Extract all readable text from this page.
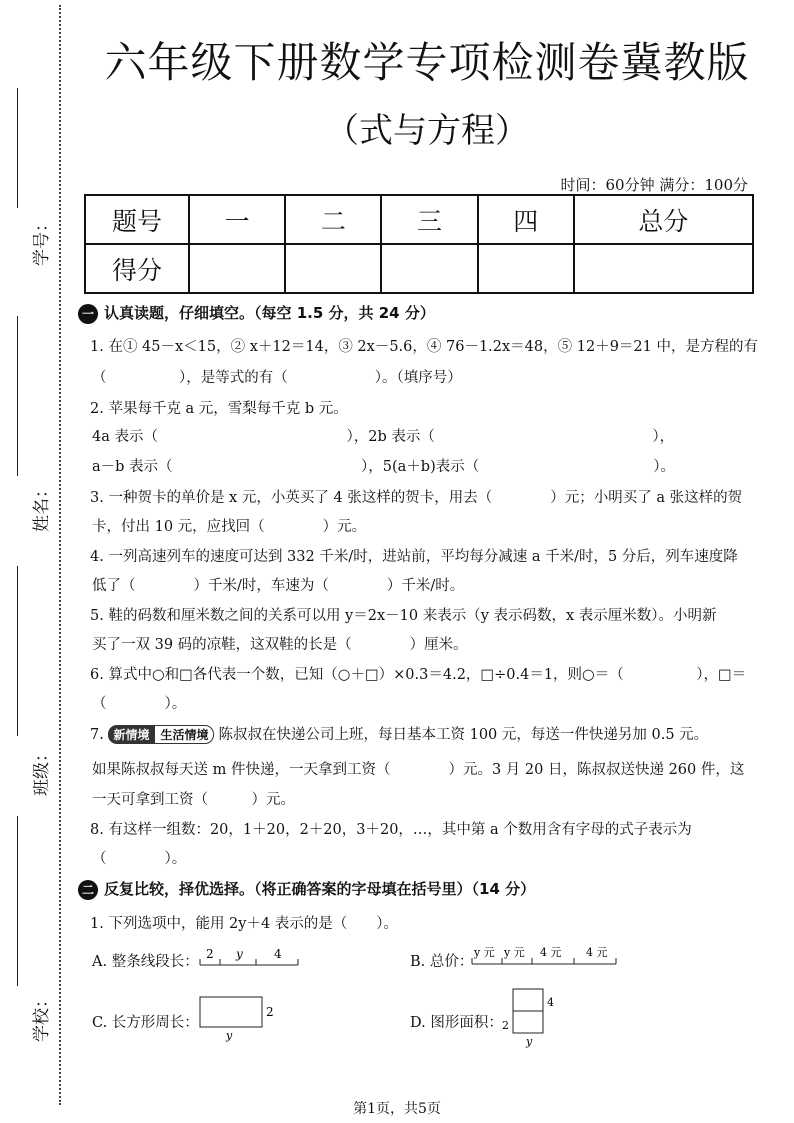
学号：
姓名：
班级：
学校：
六年级下册数学专项检测卷冀教版
（式与方程）
时间：60分钟 满分：100分
题号	一	二	三	四	总分
得分					
一 认真读题，仔细填空。（每空 1.5 分，共 24 分）
1. 在① 45－x＜15，② x＋12＝14，③ 2x－5.6，④ 76－1.2x＝48，⑤ 12＋9＝21 中，是方程的有
（　　　　　），是等式的有（　　　　　　）。（填序号）
2. 苹果每千克 a 元，雪梨每千克 b 元。
4a 表示（　　　　　　　　　　　　　），2b 表示（　　　　　　　　　　　　　　　），
a－b 表示（　　　　　　　　　　　　　），5(a＋b)表示（　　　　　　　　　　　　）。
3. 一种贺卡的单价是 x 元，小英买了 4 张这样的贺卡，用去（　　　　）元；小明买了 a 张这样的贺
卡，付出 10 元，应找回（　　　　）元。
4. 一列高速列车的速度可达到 332 千米/时，进站前，平均每分减速 a 千米/时，5 分后，列车速度降
低了（　　　　）千米/时，车速为（　　　　）千米/时。
5. 鞋的码数和厘米数之间的关系可以用 y＝2x－10 来表示（y 表示码数，x 表示厘米数）。小明新
买了一双 39 码的凉鞋，这双鞋的长是（　　　　）厘米。
6. 算式中○和□各代表一个数，已知（○＋□）×0.3＝4.2，□÷0.4＝1，则○＝（　　　　　），□＝
（　　　　）。
7. 新情境 生活情境 陈叔叔在快递公司上班，每日基本工资 100 元，每送一件快递另加 0.5 元。
如果陈叔叔每天送 m 件快递，一天拿到工资（　　　　）元。3 月 20 日，陈叔叔送快递 260 件，这
一天可拿到工资（　　　）元。
8. 有这样一组数：20，1＋20，2＋20，3＋20，…，其中第 a 个数用含有字母的式子表示为
（　　　　）。
二 反复比较，择优选择。（将正确答案的字母填在括号里）（14 分）
1. 下列选项中，能用 2y＋4 表示的是（　　）。
A. 整条线段长： 2 y	4	B. 总价：
y 元 y 元 4 元 4 元
C. 长方形周长：
2
y
D. 图形面积：
4
2
y
第1页，共5页
